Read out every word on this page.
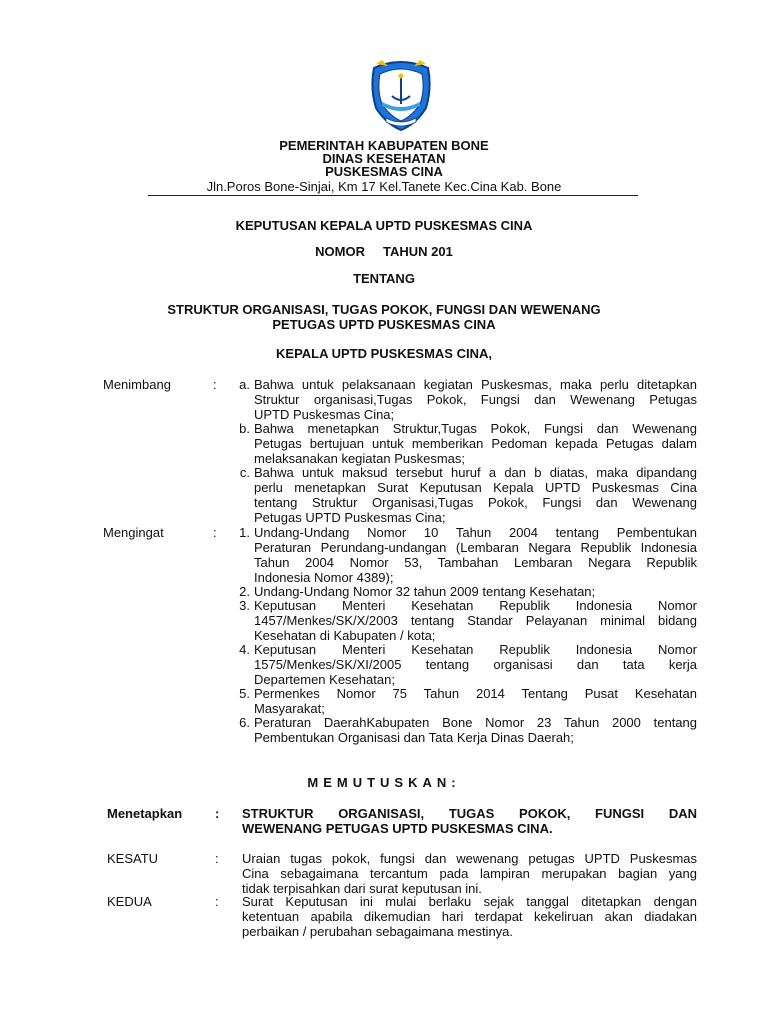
PEMERINTAH KABUPATEN BONE
DINAS KESEHATAN
PUSKESMAS CINA
Jln.Poros Bone-Sinjai, Km 17 Kel.Tanete Kec.Cina Kab. Bone
KEPUTUSAN KEPALA UPTD PUSKESMAS CINA
NOMOR     TAHUN 201
TENTANG
STRUKTUR ORGANISASI, TUGAS POKOK, FUNGSI DAN WEWENANG
PETUGAS UPTD PUSKESMAS CINA
KEPALA UPTD PUSKESMAS CINA,
Menimbang	:	a. Bahwa untuk pelaksanaan kegiatan Puskesmas, maka perlu ditetapkan
Struktur organisasi,Tugas Pokok, Fungsi dan Wewenang Petugas
UPTD Puskesmas Cina;
b. Bahwa menetapkan Struktur,Tugas Pokok, Fungsi dan Wewenang
Petugas bertujuan untuk memberikan Pedoman kepada Petugas dalam
melaksanakan kegiatan Puskesmas;
c. Bahwa untuk maksud tersebut huruf a dan b diatas, maka dipandang
perlu menetapkan Surat Keputusan Kepala UPTD Puskesmas Cina
tentang Struktur Organisasi,Tugas Pokok, Fungsi dan Wewenang
Petugas UPTD Puskesmas Cina;
Mengingat	:	1. Undang-Undang Nomor 10 Tahun 2004 tentang Pembentukan
Peraturan Perundang-undangan (Lembaran Negara Republik Indonesia
Tahun 2004 Nomor 53, Tambahan Lembaran Negara Republik
Indonesia Nomor 4389);
2. Undang-Undang Nomor 32 tahun 2009 tentang Kesehatan;
3. Keputusan Menteri Kesehatan Republik Indonesia Nomor
1457/Menkes/SK/X/2003 tentang Standar Pelayanan minimal bidang
Kesehatan di Kabupaten / kota;
4. Keputusan Menteri Kesehatan Republik Indonesia Nomor
1575/Menkes/SK/XI/2005 tentang organisasi dan tata kerja
Departemen Kesehatan;
5. Permenkes Nomor 75 Tahun 2014 Tentang Pusat Kesehatan
Masyarakat;
6. Peraturan DaerahKabupaten Bone Nomor 23 Tahun 2000 tentang
Pembentukan Organisasi dan Tata Kerja Dinas Daerah;
MEMUTUSKAN:
Menetapkan	: STRUKTUR ORGANISASI, TUGAS POKOK, FUNGSI DAN
WEWENANG PETUGAS UPTD PUSKESMAS CINA.
KESATU	: Uraian tugas pokok, fungsi dan wewenang petugas UPTD Puskesmas
Cina sebagaimana tercantum pada lampiran merupakan bagian yang
tidak terpisahkan dari surat keputusan ini.
KEDUA	: Surat Keputusan ini mulai berlaku sejak tanggal ditetapkan dengan
ketentuan apabila dikemudian hari terdapat kekeliruan akan diadakan
perbaikan / perubahan sebagaimana mestinya.
